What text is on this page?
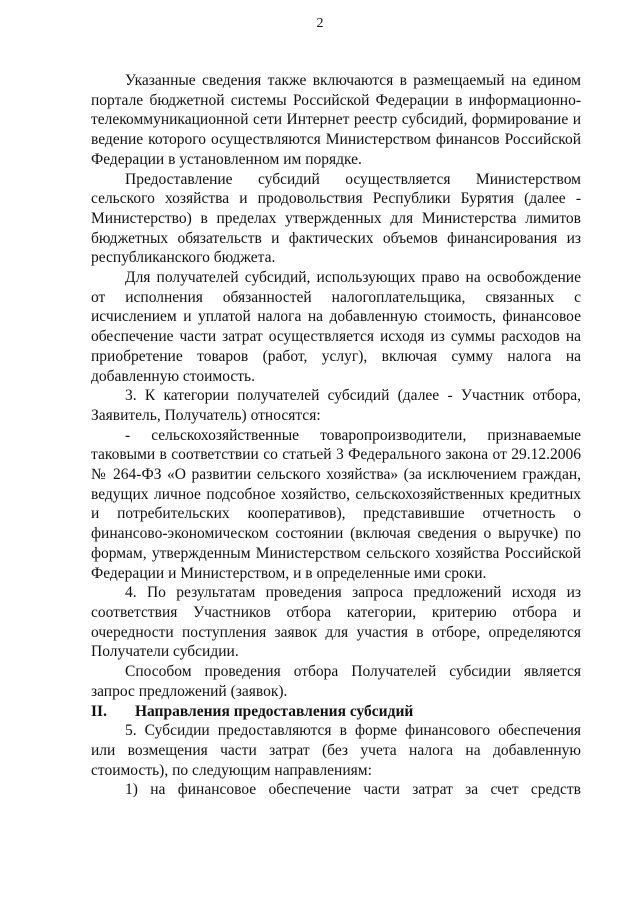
2

Указанные сведения также включаются в размещаемый на едином портале бюджетной системы Российской Федерации в информационно-телекоммуникационной сети Интернет реестр субсидий, формирование и ведение которого осуществляются Министерством финансов Российской Федерации в установленном им порядке.

Предоставление субсидий осуществляется Министерством сельского хозяйства и продовольствия Республики Бурятия (далее - Министерство) в пределах утвержденных для Министерства лимитов бюджетных обязательств и фактических объемов финансирования из республиканского бюджета.

Для получателей субсидий, использующих право на освобождение от исполнения обязанностей налогоплательщика, связанных с исчислением и уплатой налога на добавленную стоимость, финансовое обеспечение части затрат осуществляется исходя из суммы расходов на приобретение товаров (работ, услуг), включая сумму налога на добавленную стоимость.

3. К категории получателей субсидий (далее - Участник отбора, Заявитель, Получатель) относятся:

- сельскохозяйственные товаропроизводители, признаваемые таковыми в соответствии со статьей 3 Федерального закона от 29.12.2006 № 264-ФЗ «О развитии сельского хозяйства» (за исключением граждан, ведущих личное подсобное хозяйство, сельскохозяйственных кредитных и потребительских кооперативов), представившие отчетность о финансово-экономическом состоянии (включая сведения о выручке) по формам, утвержденным Министерством сельского хозяйства Российской Федерации и Министерством, и в определенные ими сроки.

4. По результатам проведения запроса предложений исходя из соответствия Участников отбора категории, критерию отбора и очередности поступления заявок для участия в отборе, определяются Получатели субсидии.

Способом проведения отбора Получателей субсидии является запрос предложений (заявок).

II. Направления предоставления субсидий

5. Субсидии предоставляются в форме финансового обеспечения или возмещения части затрат (без учета налога на добавленную стоимость), по следующим направлениям:

1) на финансовое обеспечение части затрат за счет средств
